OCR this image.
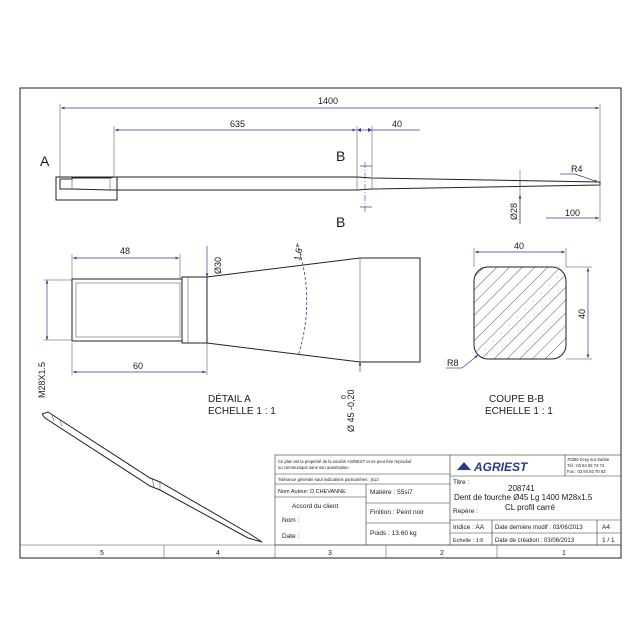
5	4	3	2	1
1400
635	40
R4
Ø28	100
B
B
A
48
Ø30
1,6°
M28X1.5	60
Ø 45 -0,20
0
DÉTAIL A
ECHELLE 1 : 1
40
40
R8
COUPE B-B
ECHELLE 1 : 1
Ce plan est la propriété de la société AGRIEST et ne peut être reproduit
ou communiqué sans son autorisation
Tolérance générale sauf indications particulières : js13
AGRIEST
70360 Scey sur Saône
Tél : 03 84 92 74 74
Fax : 03 84 92 70 53
Nom Auteur: D.CHEVANNE
Accord du client
Nom :
Date :
Matière : 55si7
Finition : Peint noir
Poids : 13.60 kg
Titre :
208741
Dent de fourche Ø45 Lg 1400 M28x1.5
CL profil carré
Repère :
Indice : AA Date dernière modif : 03/06/2013	A4
Echelle : 1:6 Date de création : 03/06/2013	1 / 1
